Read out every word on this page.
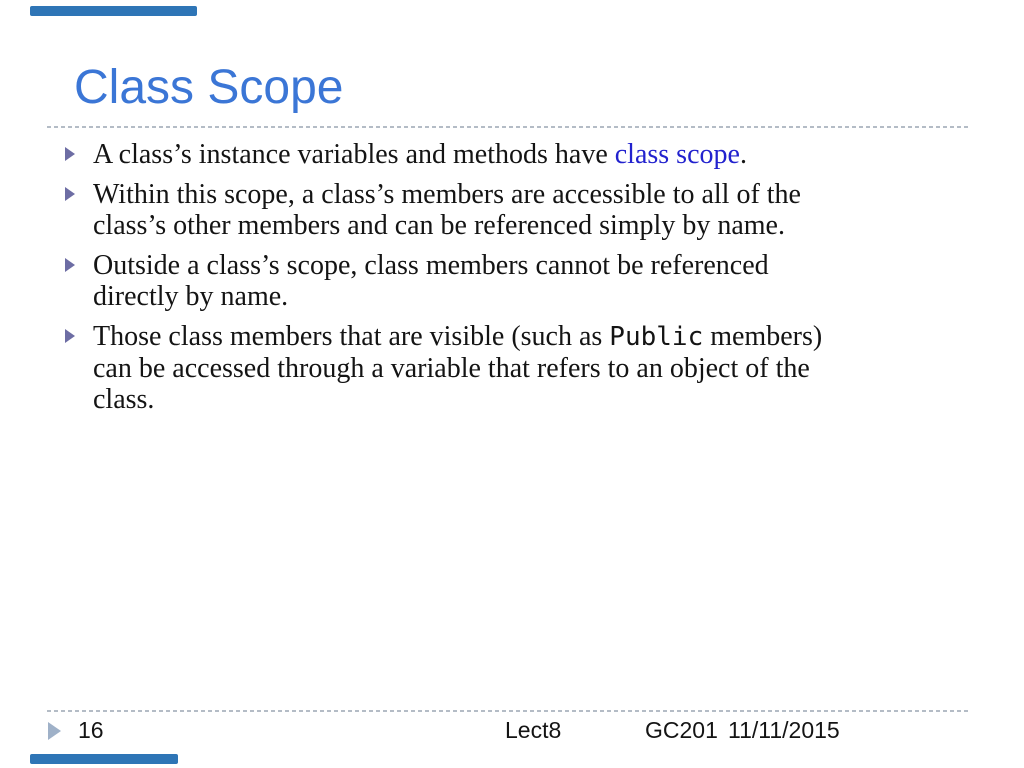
Class Scope
A class’s instance variables and methods have class scope.
Within this scope, a class’s members are accessible to all of the
class’s other members and can be referenced simply by name.
Outside a class’s scope, class members cannot be referenced
directly by name.
Those class members that are visible (such as Public members)
can be accessed through a variable that refers to an object of the
class.
16	Lect8	GC201 11/11/2015
